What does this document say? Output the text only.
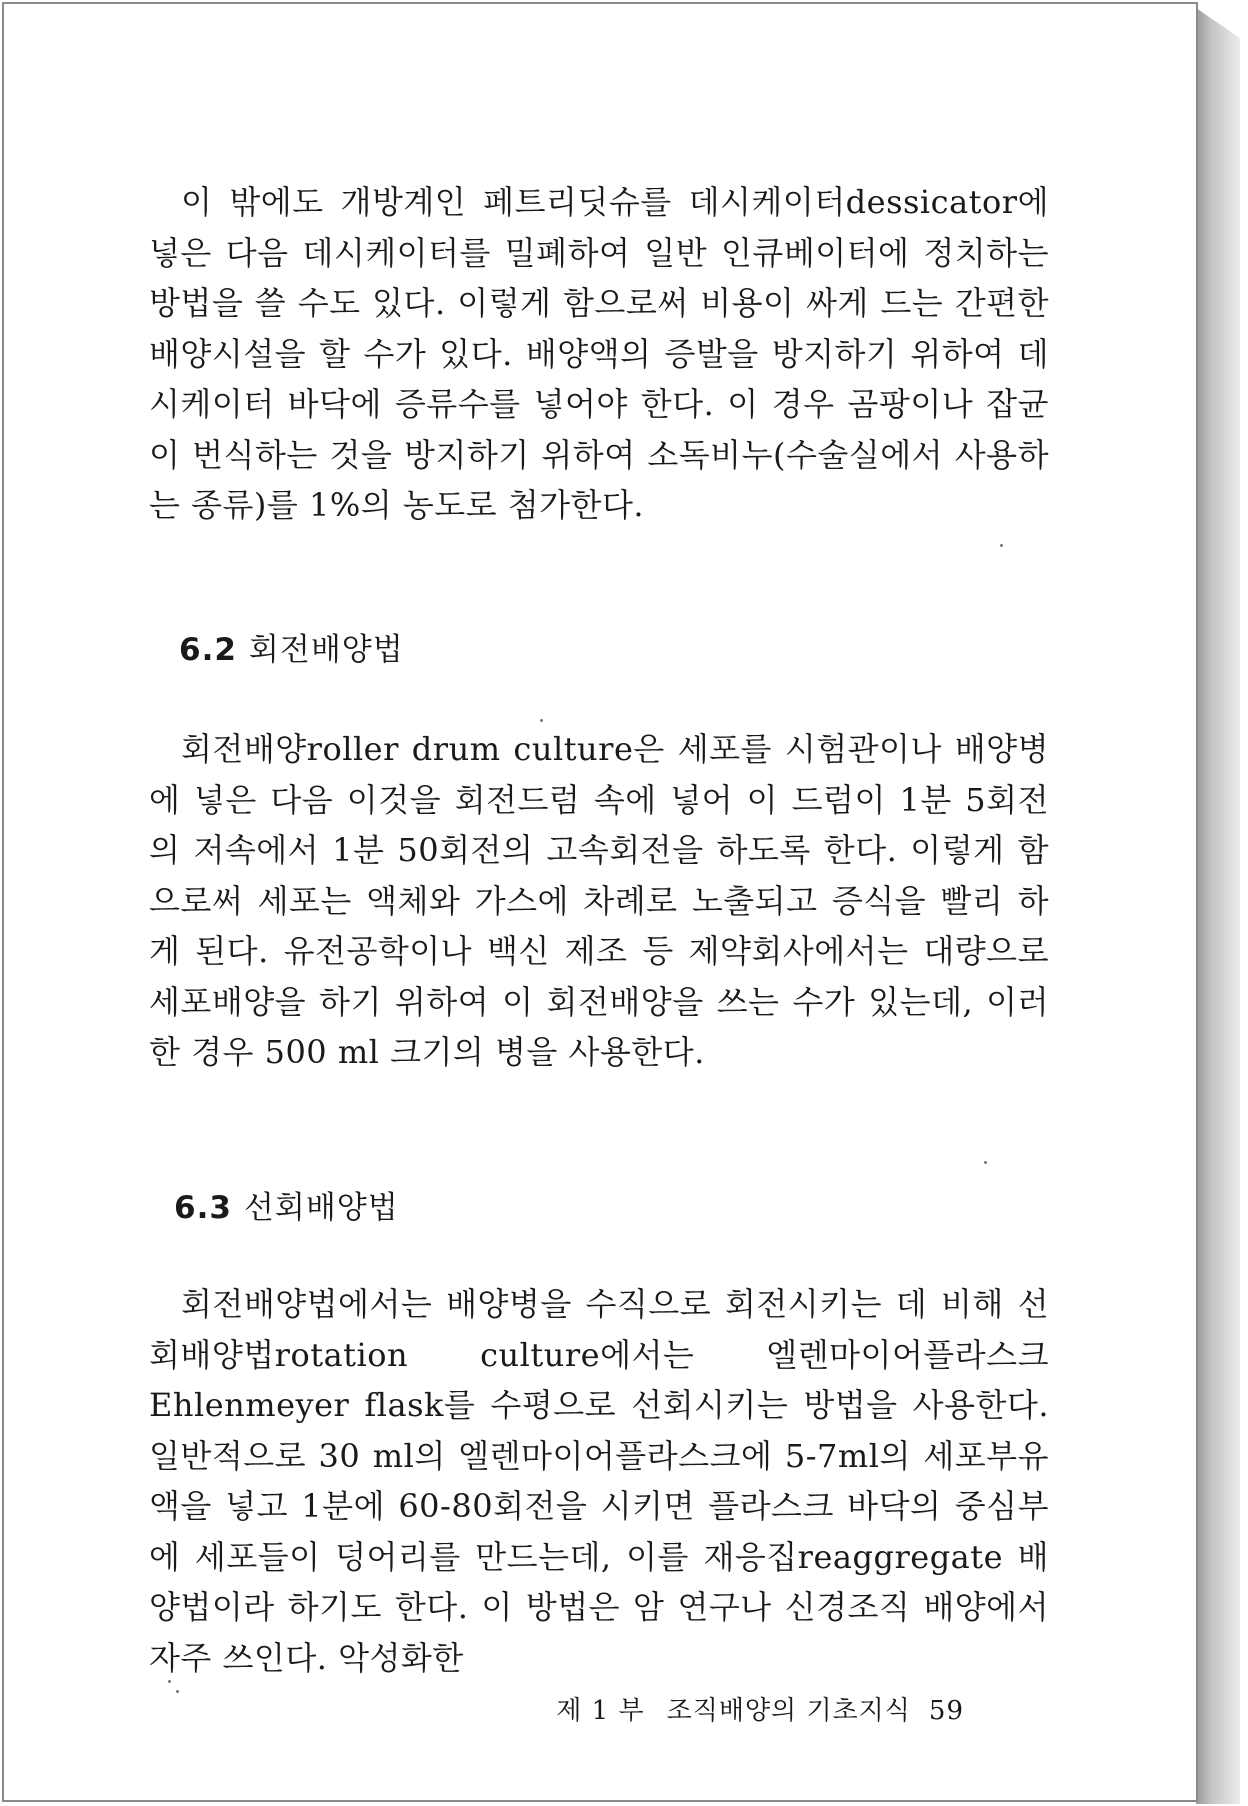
이 밖에도 개방계인 페트리딧슈를 데시케이터dessicator에 넣은 다음 데시케이터를 밀폐하여 일반 인큐베이터에 정치하는 방법을 쓸 수도 있다. 이렇게 함으로써 비용이 싸게 드는 간편한 배양시설을 할 수가 있다. 배양액의 증발을 방지하기 위하여 데시케이터 바닥에 증류수를 넣어야 한다. 이 경우 곰팡이나 잡균이 번식하는 것을 방지하기 위하여 소독비누(수술실에서 사용하는 종류)를 1%의 농도로 첨가한다.

6.2 회전배양법

회전배양roller drum culture은 세포를 시험관이나 배양병에 넣은 다음 이것을 회전드럼 속에 넣어 이 드럼이 1분 5회전의 저속에서 1분 50회전의 고속회전을 하도록 한다. 이렇게 함으로써 세포는 액체와 가스에 차례로 노출되고 증식을 빨리 하게 된다. 유전공학이나 백신 제조 등 제약회사에서는 대량으로 세포배양을 하기 위하여 이 회전배양을 쓰는 수가 있는데, 이러한 경우 500 ml 크기의 병을 사용한다.

6.3 선회배양법

회전배양법에서는 배양병을 수직으로 회전시키는 데 비해 선회배양법rotation culture에서는 엘렌마이어플라스크Ehlenmeyer flask를 수평으로 선회시키는 방법을 사용한다. 일반적으로 30 ml의 엘렌마이어플라스크에 5-7ml의 세포부유액을 넣고 1분에 60-80회전을 시키면 플라스크 바닥의 중심부에 세포들이 덩어리를 만드는데, 이를 재응집reaggregate 배양법이라 하기도 한다. 이 방법은 암 연구나 신경조직 배양에서 자주 쓰인다. 악성화한

제 1 부 조직배양의 기초지식 59
